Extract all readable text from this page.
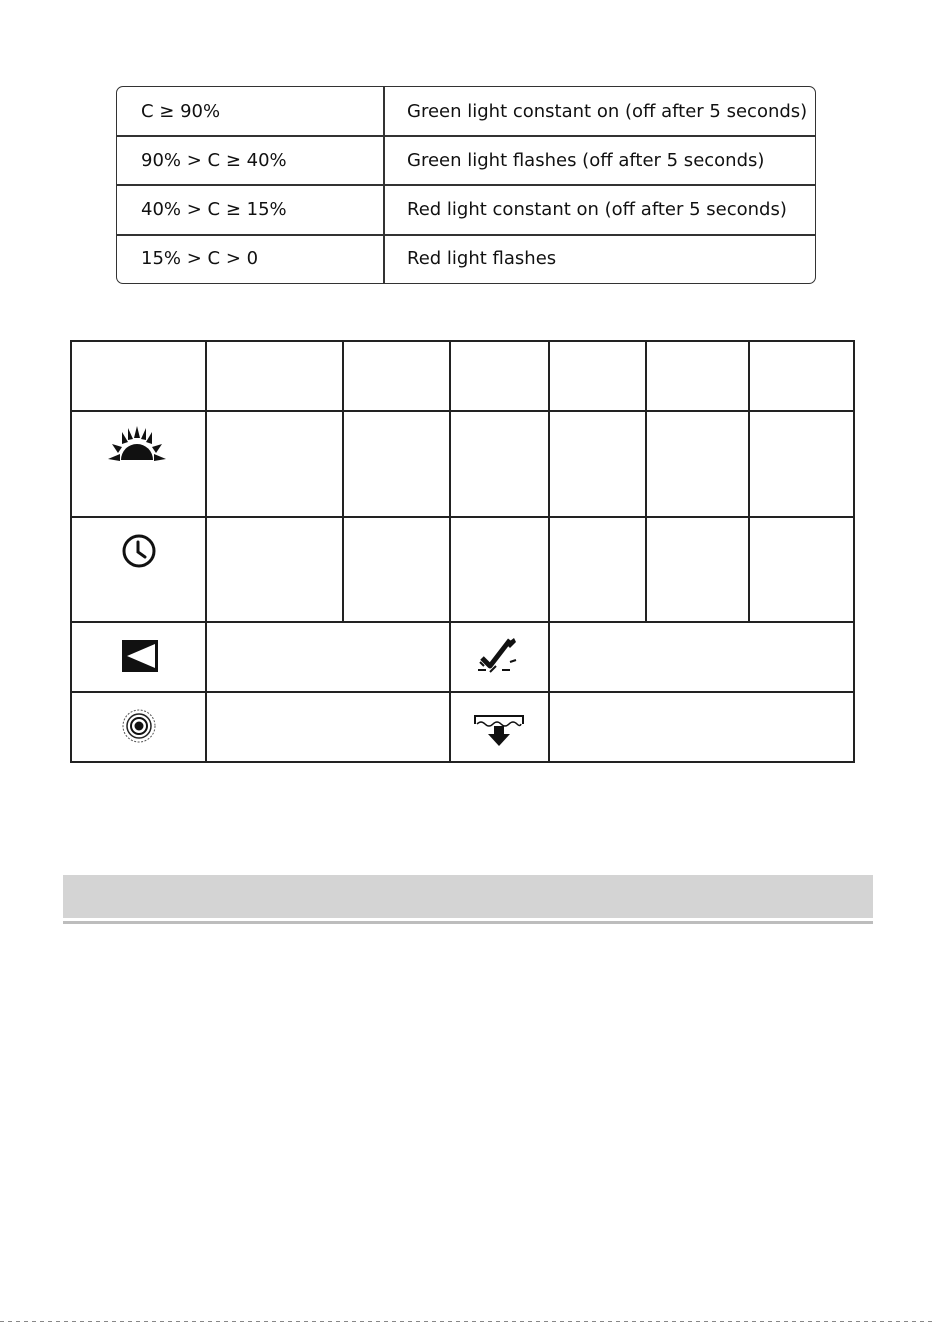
C ≥ 90%	Green light constant on (off after 5 seconds)
90% > C ≥ 40%	Green light flashes (off after 5 seconds)
40% > C ≥ 15%	Red light constant on (off after 5 seconds)
15% > C > 0	Red light flashes
